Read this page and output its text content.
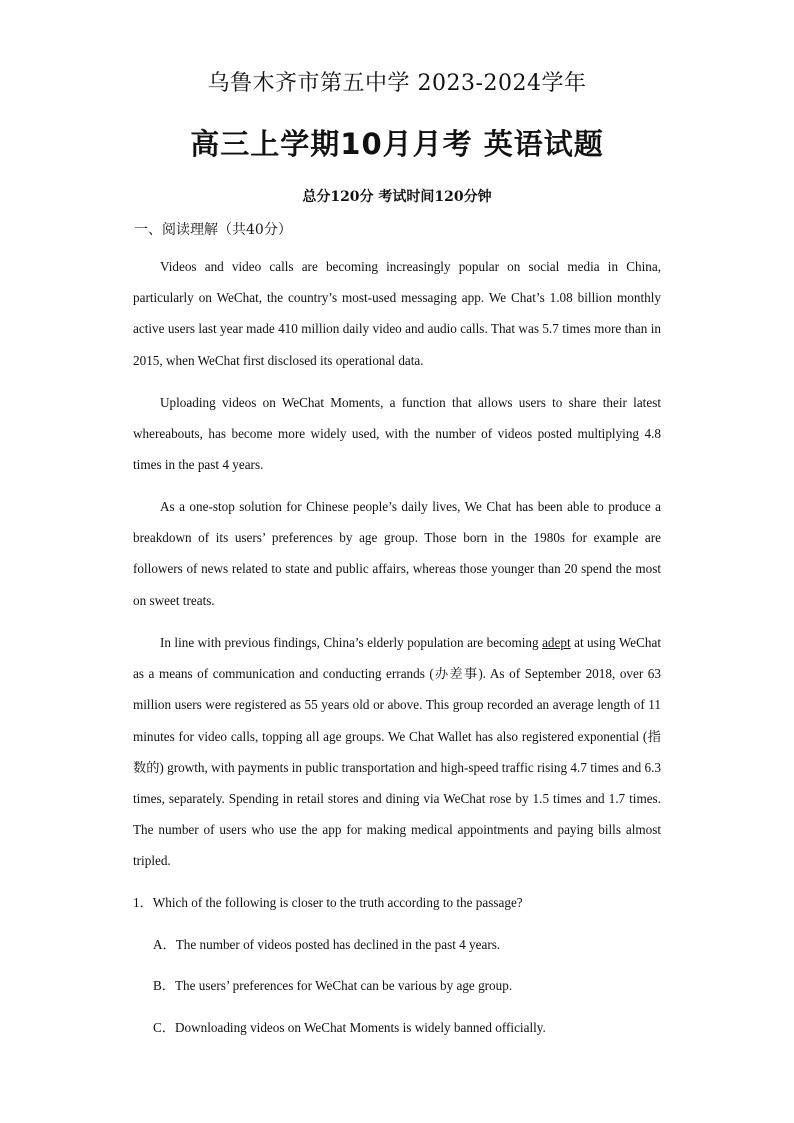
乌鲁木齐市第五中学 2023-2024学年
高三上学期10月月考 英语试题
总分120分 考试时间120分钟
一、阅读理解（共40分）

Videos and video calls are becoming increasingly popular on social media in China, particularly on WeChat, the country’s most-used messaging app. We Chat’s 1.08 billion monthly active users last year made 410 million daily video and audio calls. That was 5.7 times more than in 2015, when WeChat first disclosed its operational data.

Uploading videos on WeChat Moments, a function that allows users to share their latest whereabouts, has become more widely used, with the number of videos posted multiplying 4.8 times in the past 4 years.

As a one-stop solution for Chinese people’s daily lives, We Chat has been able to produce a breakdown of its users’ preferences by age group. Those born in the 1980s for example are followers of news related to state and public affairs, whereas those younger than 20 spend the most on sweet treats.

In line with previous findings, China’s elderly population are becoming adept at using WeChat as a means of communication and conducting errands (办差事). As of September 2018, over 63 million users were registered as 55 years old or above. This group recorded an average length of 11 minutes for video calls, topping all age groups. We Chat Wallet has also registered exponential (指数的) growth, with payments in public transportation and high-speed traffic rising 4.7 times and 6.3 times, separately. Spending in retail stores and dining via WeChat rose by 1.5 times and 1.7 times. The number of users who use the app for making medical appointments and paying bills almost tripled.

1．Which of the following is closer to the truth according to the passage?
A．The number of videos posted has declined in the past 4 years.
B．The users’ preferences for WeChat can be various by age group.
C．Downloading videos on WeChat Moments is widely banned officially.
